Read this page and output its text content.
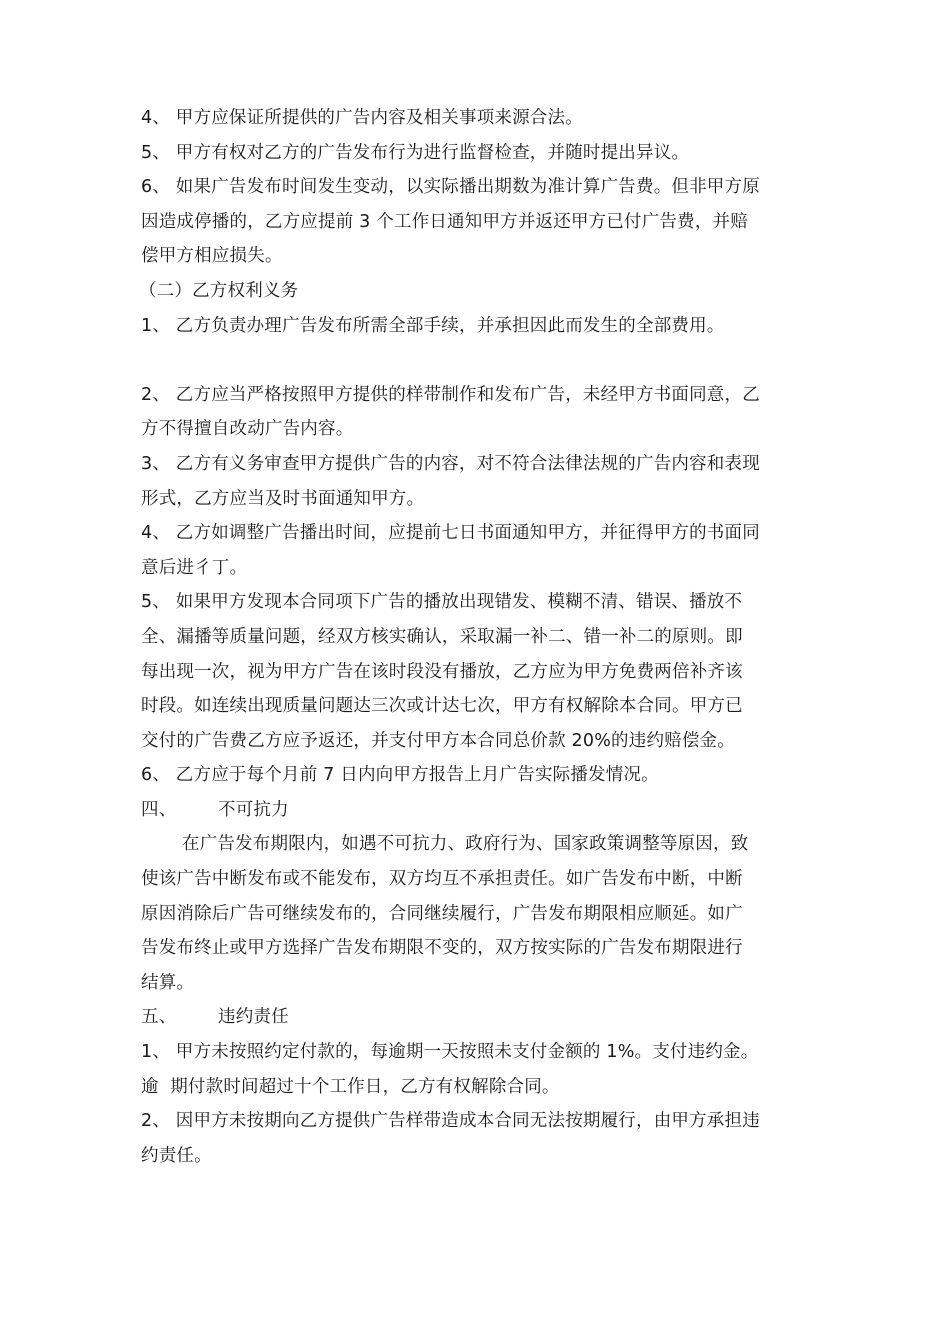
4、 甲方应保证所提供的广告内容及相关事项来源合法。
5、 甲方有权对乙方的广告发布行为进行监督检查，并随时提出异议。
6、 如果广告发布时间发生变动，以实际播出期数为准计算广告费。但非甲方原
因造成停播的，乙方应提前 3 个工作日通知甲方并返还甲方已付广告费，并赔
偿甲方相应损失。
（二）乙方权利义务
1、 乙方负责办理广告发布所需全部手续，并承担因此而发生的全部费用。
2、 乙方应当严格按照甲方提供的样带制作和发布广告，未经甲方书面同意，乙
方不得擅自改动广告内容。
3、 乙方有义务审查甲方提供广告的内容，对不符合法律法规的广告内容和表现
形式，乙方应当及时书面通知甲方。
4、 乙方如调整广告播出时间，应提前七日书面通知甲方，并征得甲方的书面同
意后进彳丁。
5、 如果甲方发现本合同项下广告的播放出现错发、模糊不清、错误、播放不
全、漏播等质量问题，经双方核实确认，采取漏一补二、错一补二的原则。即
每出现一次，视为甲方广告在该时段没有播放，乙方应为甲方免费两倍补齐该
时段。如连续出现质量问题达三次或计达七次，甲方有权解除本合同。甲方已
交付的广告费乙方应予返还，并支付甲方本合同总价款 20%的违约赔偿金。
6、 乙方应于每个月前 7 日内向甲方报告上月广告实际播发情况。
四、 不可抗力
在广告发布期限内，如遇不可抗力、政府行为、国家政策调整等原因，致
使该广告中断发布或不能发布，双方均互不承担责任。如广告发布中断，中断
原因消除后广告可继续发布的，合同继续履行，广告发布期限相应顺延。如广
告发布终止或甲方选择广告发布期限不变的，双方按实际的广告发布期限进行
结算。
五、 违约责任
1、 甲方未按照约定付款的，每逾期一天按照未支付金额的 1%。支付违约金。
逾  期付款时间超过十个工作日，乙方有权解除合同。
2、 因甲方未按期向乙方提供广告样带造成本合同无法按期履行，由甲方承担违
约责任。
